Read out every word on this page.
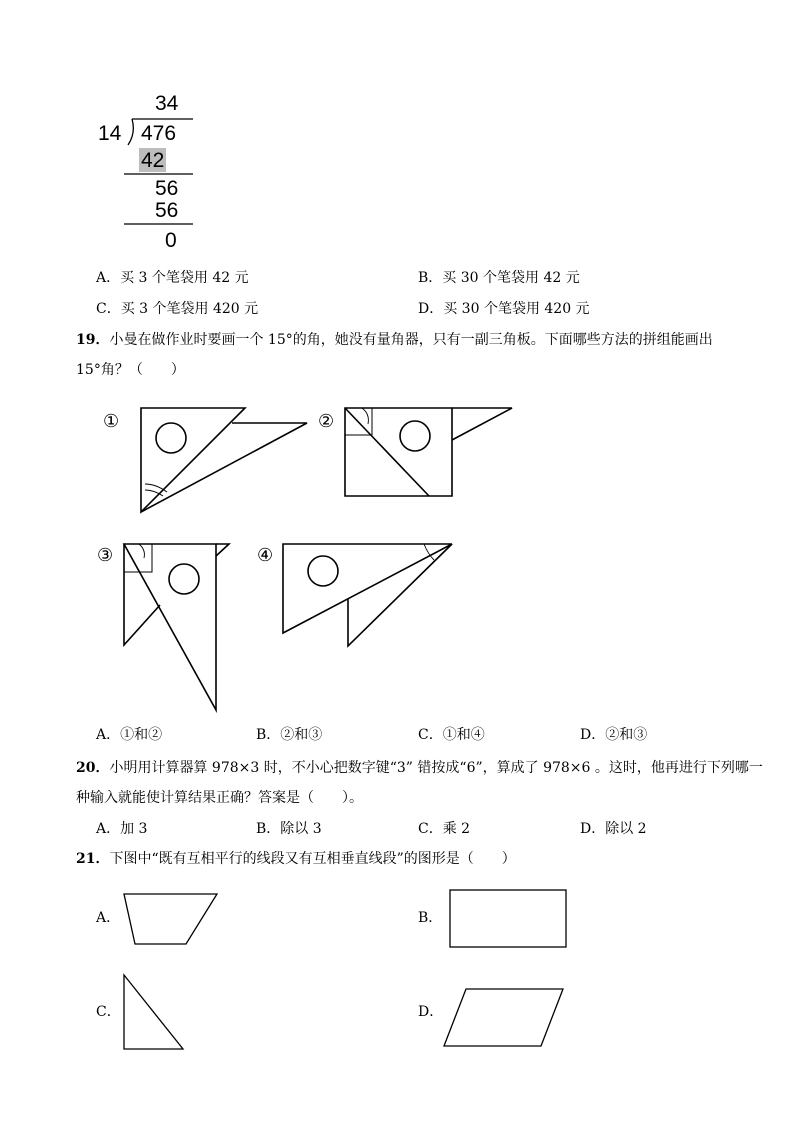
34
14 476
42
56
56
0
A．买 3 个笔袋用 42 元	B．买 30 个笔袋用 42 元
C．买 3 个笔袋用 420 元	D．买 30 个笔袋用 420 元
19．小曼在做作业时要画一个 15°的角，她没有量角器，只有一副三角板。下面哪些方法的拼组能画出
15°角？（　　）
①	②
③	④
A．①和②	B．②和③	C．①和④	D．②和③
20．小明用计算器算 978×3 时，不小心把数字键“3” 错按成“6”，算成了 978×6 。这时，他再进行下列哪一
种输入就能使计算结果正确？答案是（　　）。
A．加 3	B．除以 3	C．乘 2	D．除以 2
21．下图中“既有互相平行的线段又有互相垂直线段”的图形是（　　）
A．	B．
C．	D．
